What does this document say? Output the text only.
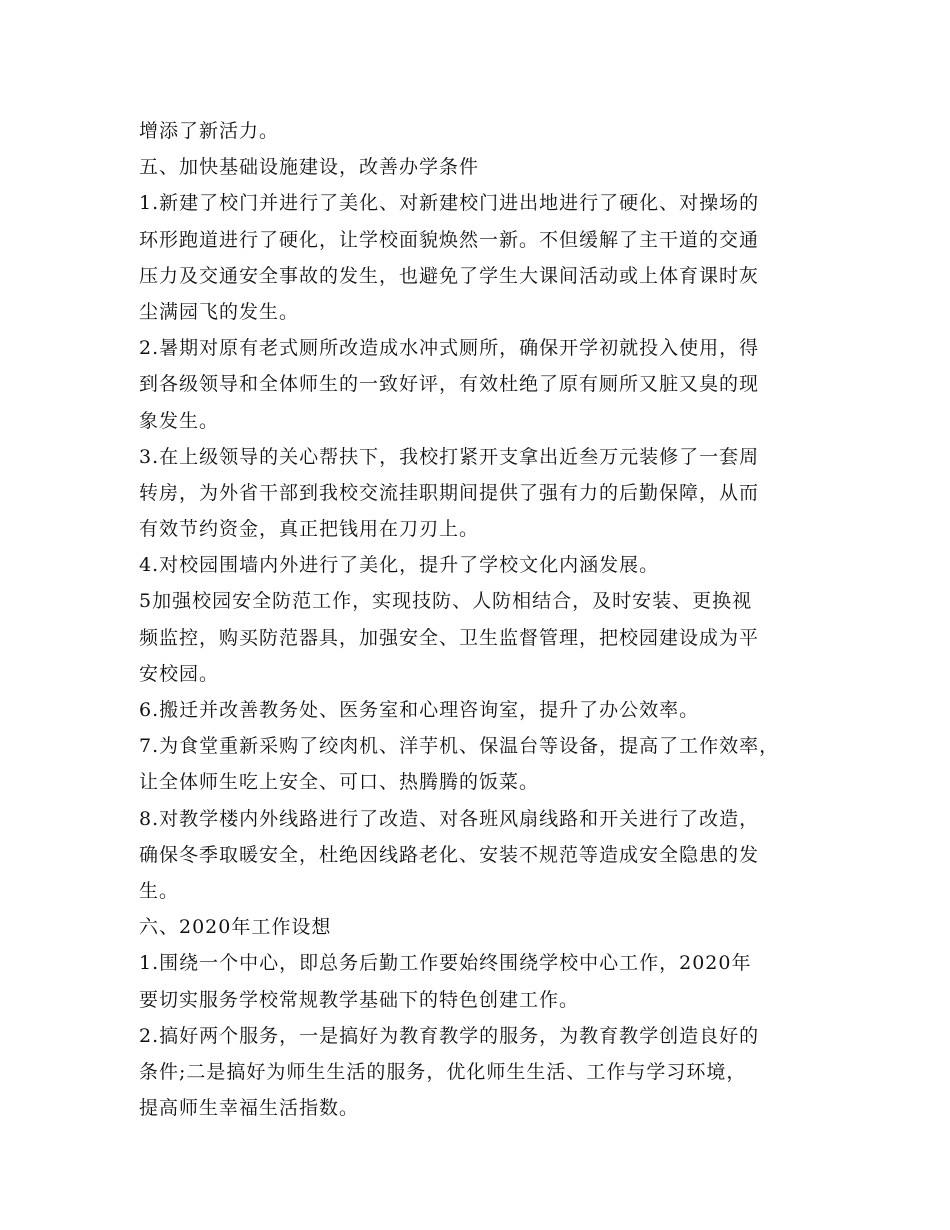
增添了新活力。
五、加快基础设施建设，改善办学条件
1.新建了校门并进行了美化、对新建校门进出地进行了硬化、对操场的
环形跑道进行了硬化，让学校面貌焕然一新。不但缓解了主干道的交通
压力及交通安全事故的发生，也避免了学生大课间活动或上体育课时灰
尘满园飞的发生。
2.暑期对原有老式厕所改造成水冲式厕所，确保开学初就投入使用，得
到各级领导和全体师生的一致好评，有效杜绝了原有厕所又脏又臭的现
象发生。
3.在上级领导的关心帮扶下，我校打紧开支拿出近叁万元装修了一套周
转房，为外省干部到我校交流挂职期间提供了强有力的后勤保障，从而
有效节约资金，真正把钱用在刀刃上。
4.对校园围墙内外进行了美化，提升了学校文化内涵发展。
5加强校园安全防范工作，实现技防、人防相结合，及时安装、更换视
频监控，购买防范器具，加强安全、卫生监督管理，把校园建设成为平
安校园。
6.搬迁并改善教务处、医务室和心理咨询室，提升了办公效率。
7.为食堂重新采购了绞肉机、洋芋机、保温台等设备，提高了工作效率，
让全体师生吃上安全、可口、热腾腾的饭菜。
8.对教学楼内外线路进行了改造、对各班风扇线路和开关进行了改造，
确保冬季取暖安全，杜绝因线路老化、安装不规范等造成安全隐患的发
生。
六、2020年工作设想
1.围绕一个中心，即总务后勤工作要始终围绕学校中心工作，2020年
要切实服务学校常规教学基础下的特色创建工作。
2.搞好两个服务，一是搞好为教育教学的服务，为教育教学创造良好的
条件;二是搞好为师生生活的服务，优化师生生活、工作与学习环境，
提高师生幸福生活指数。
